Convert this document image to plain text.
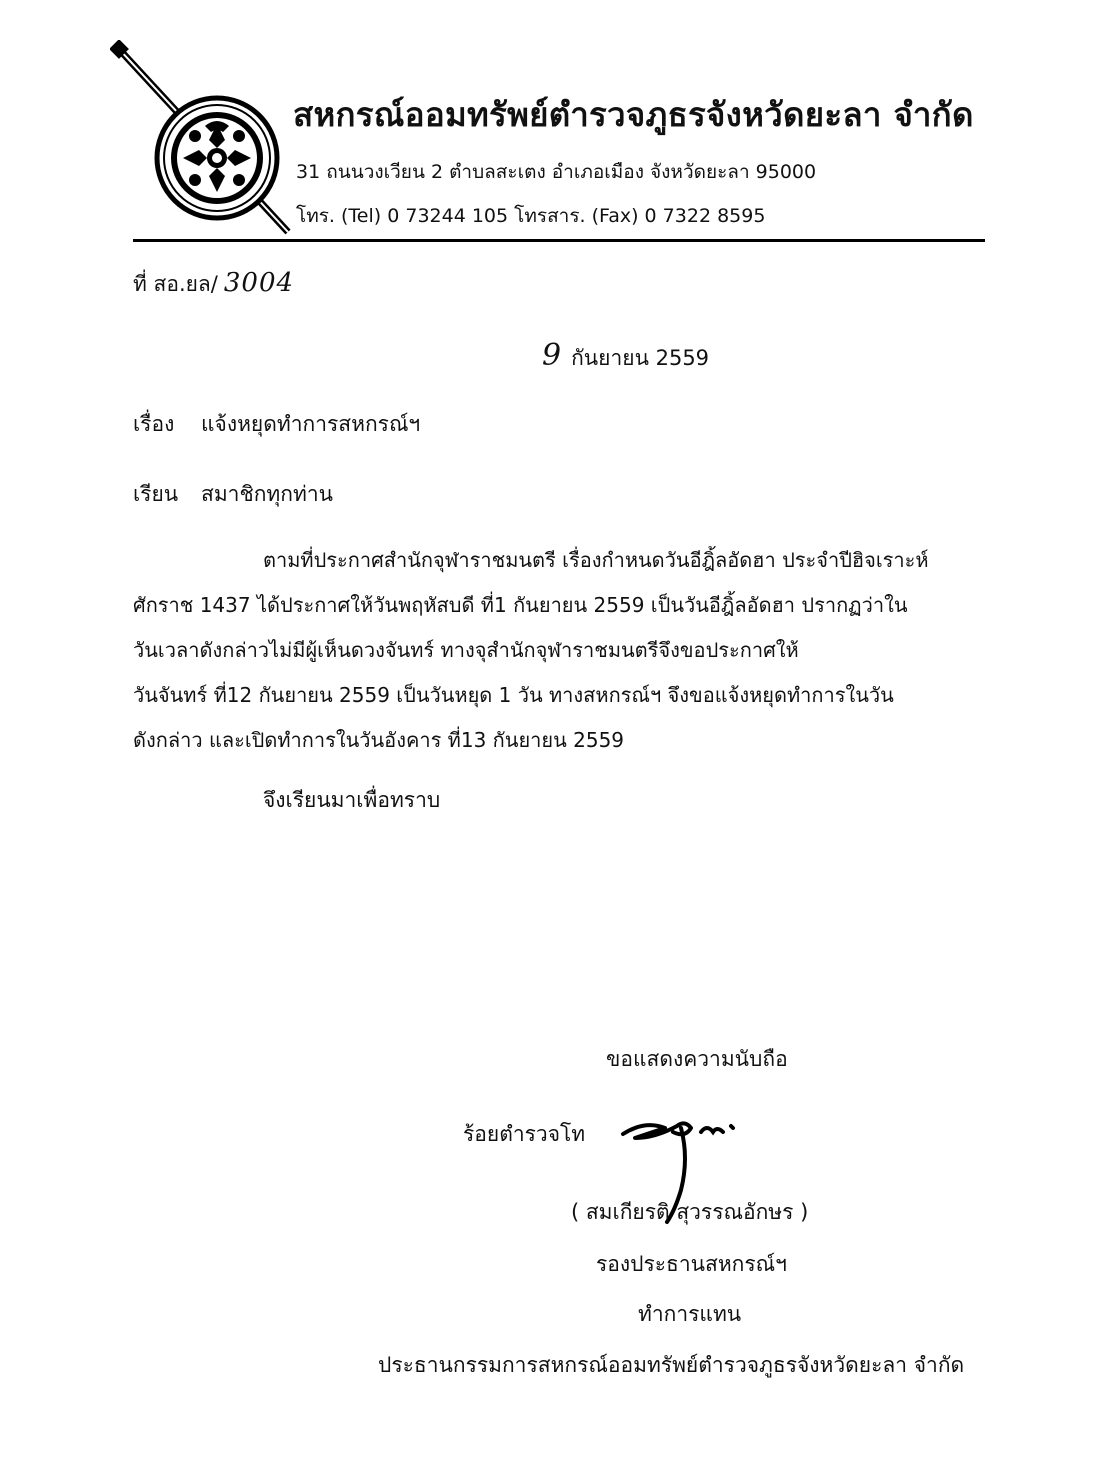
สหกรณ์ออมทรัพย์ตำรวจภูธรจังหวัดยะลา จำกัด
31 ถนนวงเวียน 2 ตำบลสะเตง อำเภอเมือง จังหวัดยะลา 95000
โทร. (Tel) 0 73244 105 โทรสาร. (Fax) 0 7322 8595
ที่ สอ.ยล/ 3004
9 กันยายน 2559
เรื่อง แจ้งหยุดทำการสหกรณ์ฯ
เรียน สมาชิกทุกท่าน

ตามที่ประกาศสำนักจุฬาราชมนตรี เรื่องกำหนดวันอีฎิ้ลอัดฮา ประจำปีฮิจเราะห์
ศักราช 1437 ได้ประกาศให้วันพฤหัสบดี ที่1 กันยายน 2559 เป็นวันอีฎิ้ลอัดฮา ปรากฏว่าใน
วันเวลาดังกล่าวไม่มีผู้เห็นดวงจันทร์ ทางจุสำนักจุฬาราชมนตรีจึงขอประกาศให้
วันจันทร์ ที่12 กันยายน 2559 เป็นวันหยุด 1 วัน ทางสหกรณ์ฯ จึงขอแจ้งหยุดทำการในวัน
ดังกล่าว และเปิดทำการในวันอังคาร ที่13 กันยายน 2559

จึงเรียนมาเพื่อทราบ
ขอแสดงความนับถือ
ร้อยตำรวจโท
( สมเกียรติ สุวรรณอักษร )
รองประธานสหกรณ์ฯ
ทำการแทน
ประธานกรรมการสหกรณ์ออมทรัพย์ตำรวจภูธรจังหวัดยะลา จำกัด
